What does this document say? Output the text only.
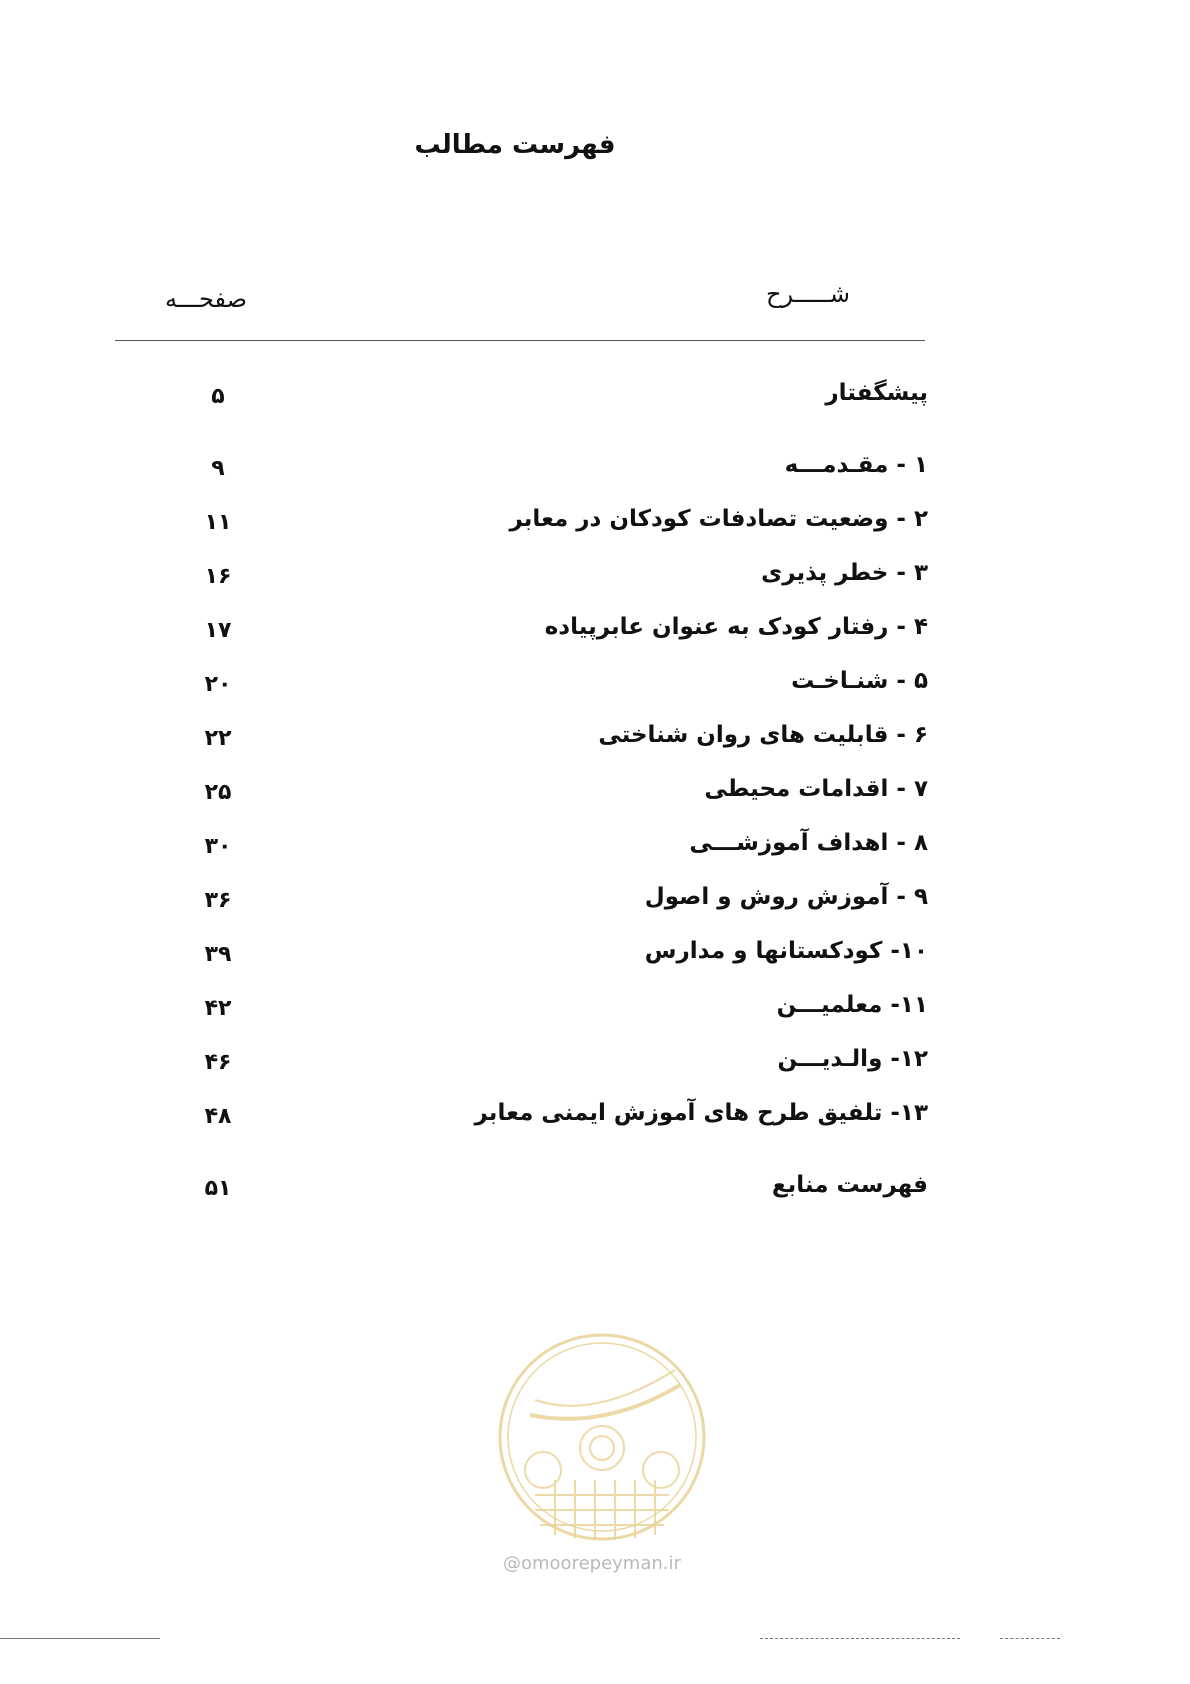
فهرست مطالب
شـــــرح
صفحـــه
پیشگفتار
۵
۱ - مقـدمـــه
۹
۲ - وضعیت تصادفات کودکان در معابر
۱۱
۳ - خطر پذیری
۱۶
۴ - رفتار کودک به عنوان عابرپیاده
۱۷
۵ - شنـاخـت
۲۰
۶ - قابلیت های روان شناختی
۲۲
۷ - اقدامات محیطی
۲۵
۸ - اهداف آموزشـــی
۳۰
۹ - آموزش روش و اصول
۳۶
۱۰- کودکستانها و مدارس
۳۹
۱۱- معلمیـــن
۴۲
۱۲- والـدیـــن
۴۶
۱۳- تلفیق طرح های آموزش ایمنی معابر
۴۸
فهرست منابع
۵۱
@omoorepeyman.ir
